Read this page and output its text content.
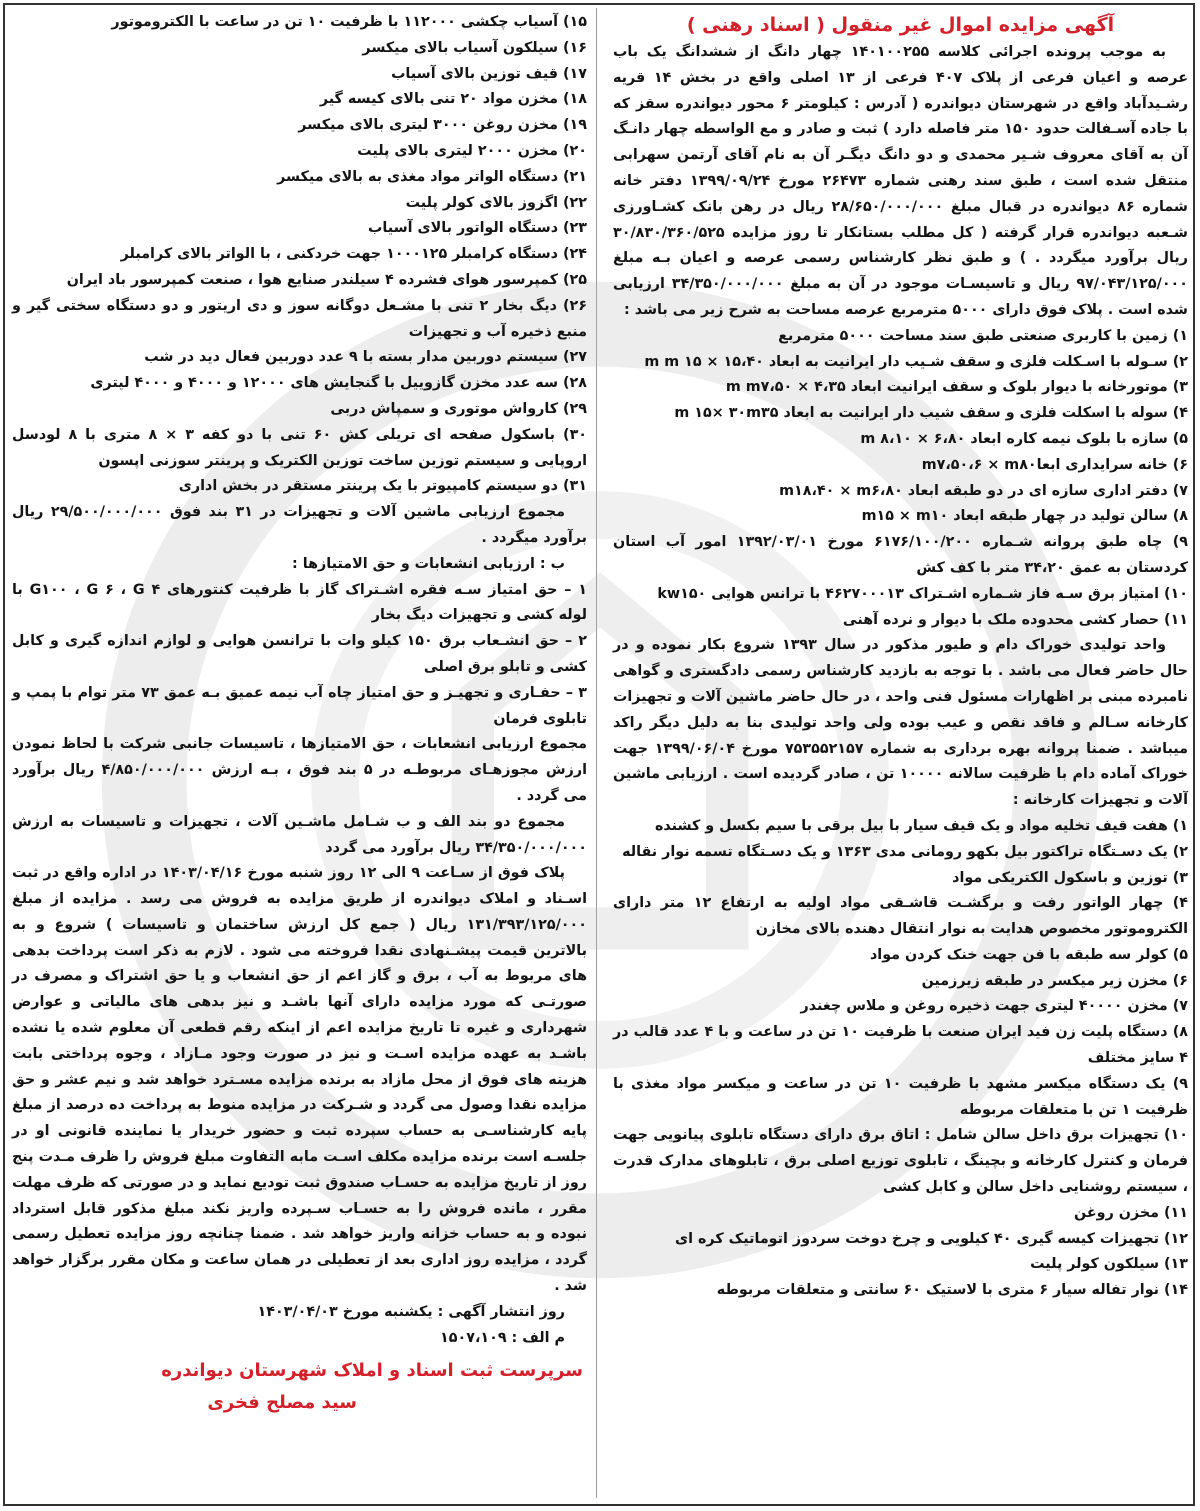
آگهی مزایده اموال غیر منقول ( اسناد رهنی )

به موجب پرونده اجرائی کلاسه ۱۴۰۱۰۰۲۵۵ چهار دانگ از ششدانگ یک باب عرصه و اعیان فرعی از پلاک ۴۰۷ فرعی از ۱۳ اصلی واقع در بخش ۱۴ قریه رشـیدآباد واقع در شهرستان دیواندره ( آدرس : کیلومتر ۶ محور دیواندره سقز که با جاده آسـفالت حدود ۱۵۰ متر فاصله دارد ) ثبت و صادر و مع الواسطه چهار دانـگ آن به آقای معروف شـیر محمدی و دو دانگ دیگـر آن به نام آقای آرتمن سهرابی منتقل شده است ، طبق سند رهنی شماره ۲۶۴۷۳ مورخ ۱۳۹۹/۰۹/۲۴ دفتر خانه شماره ۸۶ دیواندره در قبال مبلغ ۲۸/۶۵۰/۰۰۰/۰۰۰ ریال در رهن بانک کشـاورزی شـعبه دیواندره قرار گرفته ( کل مطلب بستانکار تا روز مزایده ۳۰/۸۳۰/۳۶۰/۵۲۵ ریال برآورد میگردد . ) و طبق نظر کارشناس رسمی عرصه و اعیان بـه مبلغ ۹۷/۰۴۳/۱۲۵/۰۰۰ ریال و تاسیسـات موجود در آن به مبلغ ۳۴/۳۵۰/۰۰۰/۰۰۰ ارزیابی شده است . پلاک فوق دارای ۵۰۰۰ مترمربع عرصه مساحت به شرح زیر می باشد :

۱) زمین با کاربری صنعتی طبق سند مساحت ۵۰۰۰ مترمربع

۲) سـوله با اسـکلت فلزی و سقف شـیب دار ایرانیت به ابعاد m m ۱۵ × ۱۵،۴۰

۳) موتورخانه با دیوار بلوک و سقف ایرانیت ابعاد m m۷،۵۰ × ۴،۳۵

۴) سوله با اسکلت فلزی و سقف شیب دار ایرانیت به ابعاد m ۱۵× ۳۰m۳۵

۵) سازه با بلوک نیمه کاره ابعاد m ۸،۱۰ × ۶،۸۰

۶) خانه سرایداری ابعاm۷،۵۰،۶ × m۸۰

۷) دفتر اداری سازه ای در دو طبقه ابعاد m۱۸،۴۰ × m۶،۸۰

۸) سالن تولید در چهار طبقه ابعاد m۱۵ × m۱۰

۹) چاه طبق پروانه شـماره ۶۱۷۶/۱۰۰/۲۰۰ مورخ ۱۳۹۲/۰۳/۰۱ امور آب استان کردستان به عمق ۳۴،۲۰ متر با کف کش

۱۰) امتیاز برق سـه فاز شـماره اشـتراک ۴۶۲۷۰۰۰۱۳ با ترانس هوایی kw۱۵۰

۱۱) حصار کشی محدوده ملک با دیوار و نرده آهنی

واحد تولیدی خوراک دام و طیور مذکور در سال ۱۳۹۳ شروع بکار نموده و در حال حاضر فعال می باشد . با توجه به بازدید کارشناس رسمی دادگستری و گواهی نامبرده مبنی بر اظهارات مسئول فنی واحد ، در حال حاضر ماشین آلات و تجهیزات کارخانه سـالم و فاقد نقص و عیب بوده ولی واحد تولیدی بنا به دلیل دیگر راکد میباشد . ضمنا پروانه بهره برداری به شماره ۷۵۳۵۵۲۱۵۷ مورخ ۱۳۹۹/۰۶/۰۴ جهت خوراک آماده دام با ظرفیت سالانه ۱۰۰۰۰ تن ، صادر گردیده است . ارزیابی ماشین آلات و تجهیزات کارخانه :

۱) هفت قیف تخلیه مواد و یک قیف سیار با بیل برقی با سیم بکسل و کشنده

۲) یک دسـتگاه تراکتور بیل بکهو رومانی مدی ۱۳۶۳ و یک دسـتگاه تسمه نوار نقاله

۳) توزین و باسکول الکتریکی مواد

۴) چهار الواتور رفت و برگشـت قاشـقی مواد اولیه به ارتفاع ۱۲ متر دارای الکتروموتور مخصوص هدایت به نوار انتقال دهنده بالای مخازن

۵) کولر سه طبقه با فن جهت خنک کردن مواد

۶) مخزن زیر میکسر در طبقه زیرزمین

۷) مخزن ۴۰۰۰۰ لیتری جهت ذخیره روغن و ملاس چغندر

۸) دستگاه پلیت زن فید ایران صنعت با ظرفیت ۱۰ تن در ساعت و با ۴ عدد قالب در ۴ سایز مختلف

۹) یک دستگاه میکسر مشهد با ظرفیت ۱۰ تن در ساعت و میکسر مواد مغذی با ظرفیت ۱ تن با متعلقات مربوطه

۱۰) تجهیزات برق داخل سالن شامل : اتاق برق دارای دستگاه تابلوی پیانویی جهت فرمان و کنترل کارخانه و بچینگ ، تابلوی توزیع اصلی برق ، تابلوهای مدارک قدرت ، سیستم روشنایی داخل سالن و کابل کشی

۱۱) مخزن روغن

۱۲) تجهیزات کیسه گیری ۴۰ کیلویی و چرخ دوخت سردوز اتوماتیک کره ای

۱۳) سیلکون کولر پلیت

۱۴) نوار تفاله سیار ۶ متری با لاستیک ۶۰ سانتی و متعلقات مربوطه

۱۵) آسیاب چکشی ۱۱۲۰۰۰ با ظرفیت ۱۰ تن در ساعت با الکتروموتور

۱۶) سیلکون آسیاب بالای میکسر

۱۷) قیف توزین بالای آسیاب

۱۸) مخزن مواد ۲۰ تنی بالای کیسه گیر

۱۹) مخزن روغن ۳۰۰۰ لیتری بالای میکسر

۲۰) مخزن ۲۰۰۰ لیتری بالای پلیت

۲۱) دستگاه الواتر مواد مغذی به بالای میکسر

۲۲) اگزوز بالای کولر پلیت

۲۳) دستگاه الواتور بالای آسیاب

۲۴) دستگاه کرامبلر ۱۰۰۰۱۲۵ جهت خردکنی ، با الواتر بالای کرامبلر

۲۵) کمپرسور هوای فشرده ۴ سیلندر صنایع هوا ، صنعت کمپرسور باد ایران

۲۶) دیگ بخار ۲ تنی با مشـعل دوگانه سوز و دی اریتور و دو دستگاه سختی گیر و منبع ذخیره آب و تجهیزات

۲۷) سیستم دوربین مدار بسته با ۹ عدد دوربین فعال دید در شب

۲۸) سه عدد مخزن گازوییل با گنجایش های ۱۲۰۰۰ و ۴۰۰۰ و ۴۰۰۰ لیتری

۲۹) کارواش موتوری و سمپاش دربی

۳۰) باسکول صفحه ای تریلی کش ۶۰ تنی با دو کفه ۳ × ۸ متری با ۸ لودسل اروپایی و سیستم توزین ساخت توزین الکتریک و پرینتر سوزنی اپسون

۳۱) دو سیستم کامپیوتر با یک پرینتر مستقر در بخش اداری

مجموع ارزیابی ماشین آلات و تجهیزات در ۳۱ بند فوق ۲۹/۵۰۰/۰۰۰/۰۰۰ ریال برآورد میگردد .

ب : ارزیابی انشعابات و حق الامتیازها :

۱ – حق امتیاز سـه فقره اشـتراک گاز با ظرفیت کنتورهای G۱۰۰ ، G ۶ ، G ۴ با لوله کشی و تجهیزات دیگ بخار

۲ – حق انشـعاب برق ۱۵۰ کیلو وات با ترانسن هوایی و لوازم اندازه گیری و کابل کشی و تابلو برق اصلی

۳ – حفـاری و تجهیـز و حق امتیاز چاه آب نیمه عمیق بـه عمق ۷۳ متر توام با پمپ و تابلوی فرمان

مجموع ارزیابی انشعابات ، حق الامتیازها ، تاسیسات جانبی شرکت با لحاظ نمودن ارزش مجوزهـای مربوطـه در ۵ بند فوق ، بـه ارزش ۴/۸۵۰/۰۰۰/۰۰۰ ریال برآورد می گردد .

مجموع دو بند الف و ب شـامل ماشـین آلات ، تجهیزات و تاسیسات به ارزش ۳۴/۳۵۰/۰۰۰/۰۰۰ ریال برآورد می گردد

پلاک فوق از سـاعت ۹ الی ۱۲ روز شنبه مورخ ۱۴۰۳/۰۴/۱۶ در اداره واقع در ثبت اسـناد و املاک دیواندره از طریق مزایده به فروش می رسد . مزایده از مبلغ ۱۳۱/۳۹۳/۱۲۵/۰۰۰ ریال ( جمع کل ارزش ساختمان و تاسیسات ) شروع و به بالاترین قیمت پیشـنهادی نقدا فروخته می شود . لازم به ذکر است پرداخت بدهی های مربوط به آب ، برق و گاز اعم از حق انشعاب و یا حق اشتراک و مصرف در صورتـی که مورد مزایده دارای آنها باشـد و نیز بدهی های مالیاتی و عوارض شهرداری و غیره تا تاریخ مزایده اعم از اینکه رقم قطعی آن معلوم شده یا نشده باشـد به عهده مزایده اسـت و نیز در صورت وجود مـازاد ، وجوه پرداختی بابت هزینه های فوق از محل مازاد به برنده مزایده مسـترد خواهد شد و نیم عشر و حق مزایده نقدا وصول می گردد و شـرکت در مزایده منوط به پرداخت ده درصد از مبلغ پایه کارشناسـی به حساب سپرده ثبت و حضور خریدار یا نماینده قانونی او در جلسـه است برنده مزایده مکلف اسـت مابه التفاوت مبلغ فروش را ظرف مـدت پنج روز از تاریخ مزایده به حسـاب صندوق ثبت تودیع نماید و در صورتی که ظرف مهلت مقرر ، مانده فروش را به حسـاب سـپرده واریز نکند مبلغ مذکور قابل استرداد نبوده و به حساب خزانه واریز خواهد شد . ضمنا چنانچه روز مزایده تعطیل رسمی گردد ، مزایده روز اداری بعد از تعطیلی در همان ساعت و مکان مقرر برگزار خواهد شد .

روز انتشار آگهی : یکشنبه مورخ ۱۴۰۳/۰۴/۰۳

م الف : ۱۵۰۷،۱۰۹

سرپرست ثبت اسناد و املاک شهرستان دیواندره
سید مصلح فخری
